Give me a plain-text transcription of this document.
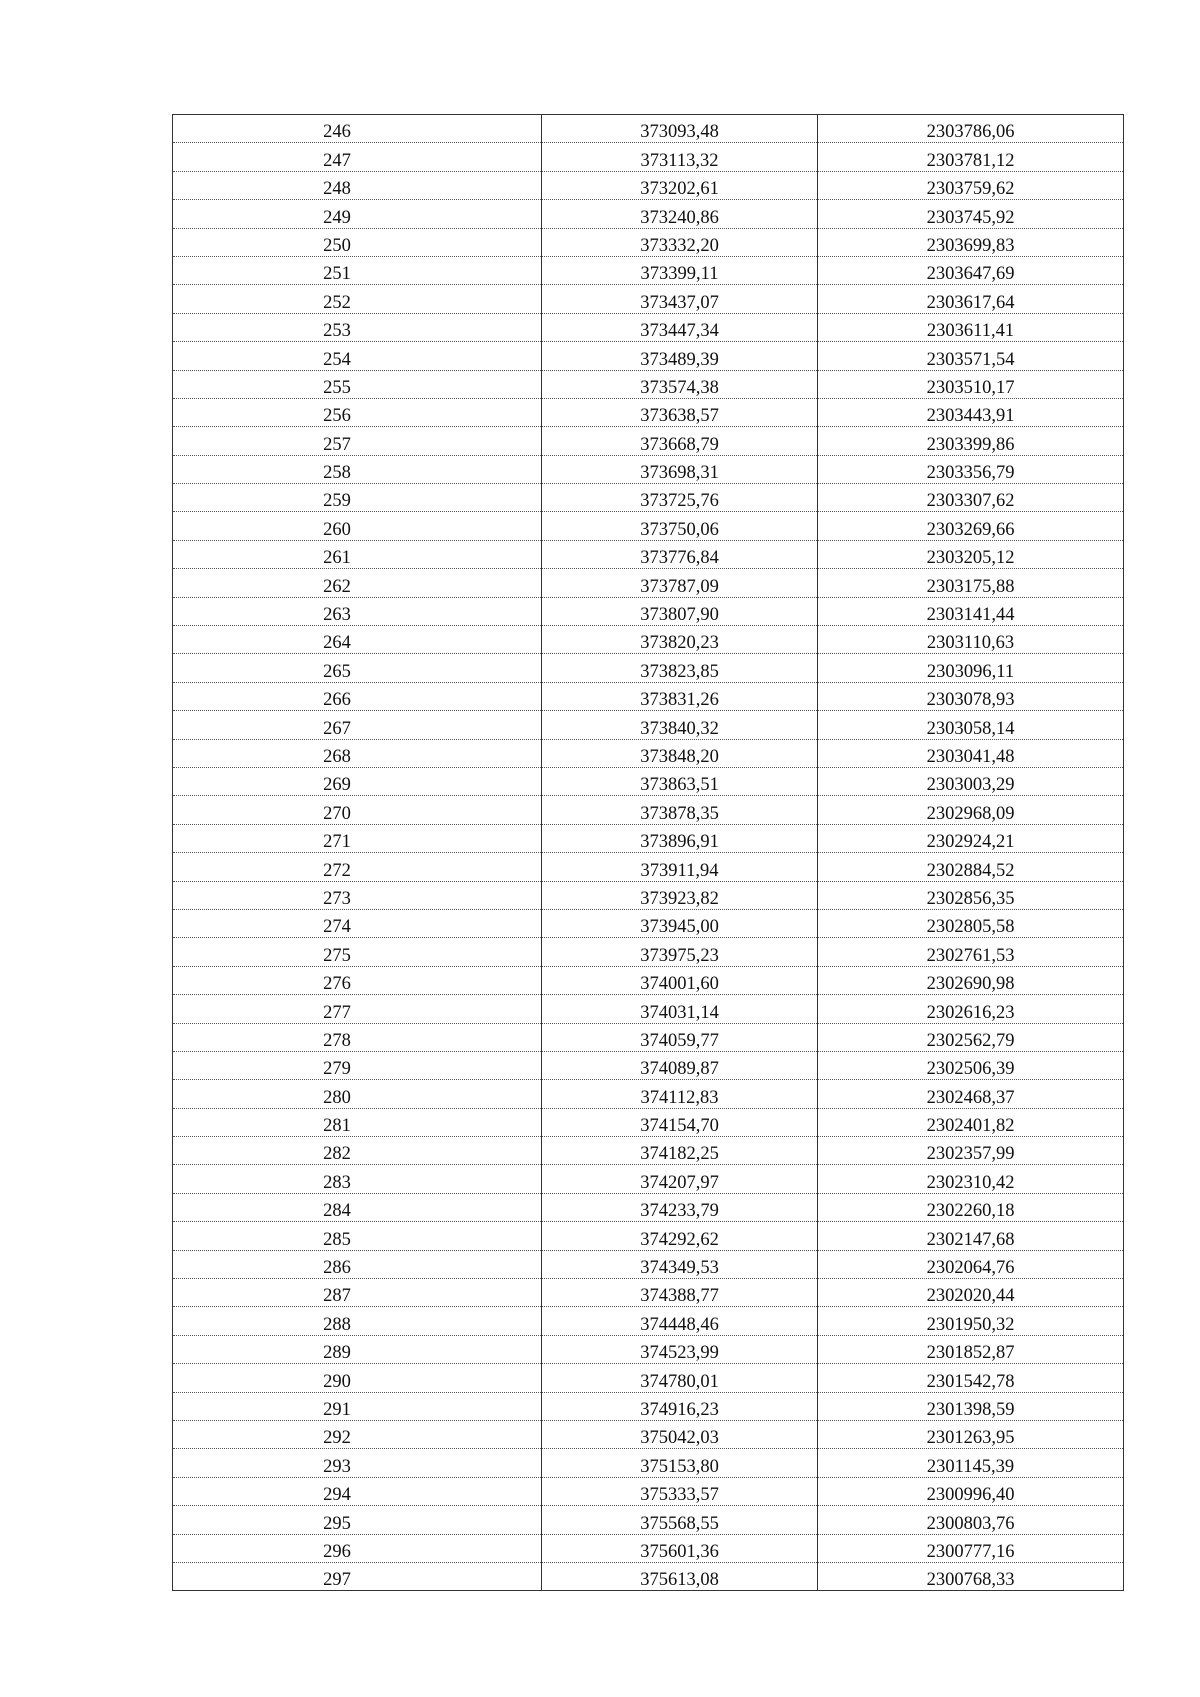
246	373093,48	2303786,06
247	373113,32	2303781,12
248	373202,61	2303759,62
249	373240,86	2303745,92
250	373332,20	2303699,83
251	373399,11	2303647,69
252	373437,07	2303617,64
253	373447,34	2303611,41
254	373489,39	2303571,54
255	373574,38	2303510,17
256	373638,57	2303443,91
257	373668,79	2303399,86
258	373698,31	2303356,79
259	373725,76	2303307,62
260	373750,06	2303269,66
261	373776,84	2303205,12
262	373787,09	2303175,88
263	373807,90	2303141,44
264	373820,23	2303110,63
265	373823,85	2303096,11
266	373831,26	2303078,93
267	373840,32	2303058,14
268	373848,20	2303041,48
269	373863,51	2303003,29
270	373878,35	2302968,09
271	373896,91	2302924,21
272	373911,94	2302884,52
273	373923,82	2302856,35
274	373945,00	2302805,58
275	373975,23	2302761,53
276	374001,60	2302690,98
277	374031,14	2302616,23
278	374059,77	2302562,79
279	374089,87	2302506,39
280	374112,83	2302468,37
281	374154,70	2302401,82
282	374182,25	2302357,99
283	374207,97	2302310,42
284	374233,79	2302260,18
285	374292,62	2302147,68
286	374349,53	2302064,76
287	374388,77	2302020,44
288	374448,46	2301950,32
289	374523,99	2301852,87
290	374780,01	2301542,78
291	374916,23	2301398,59
292	375042,03	2301263,95
293	375153,80	2301145,39
294	375333,57	2300996,40
295	375568,55	2300803,76
296	375601,36	2300777,16
297	375613,08	2300768,33
